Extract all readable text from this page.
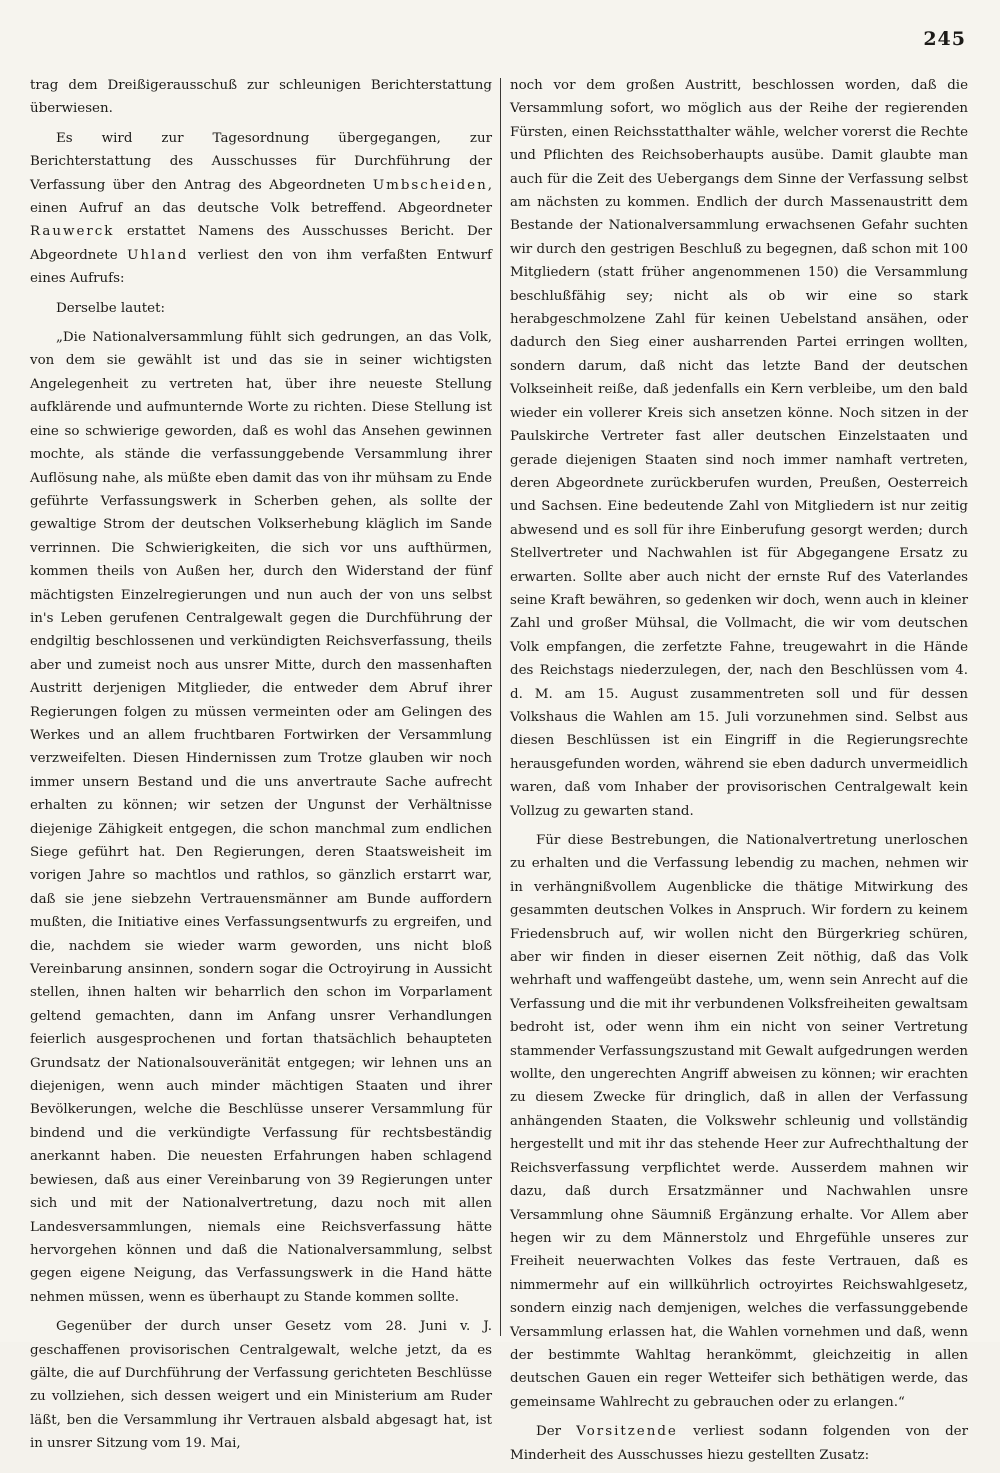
245

trag dem Dreißigerausschuß zur schleunigen Berichterstattung überwiesen.

Es wird zur Tagesordnung übergegangen, zur Berichterstattung des Ausschusses für Durchführung der Verfassung über den Antrag des Abgeordneten Umbscheiden, einen Aufruf an das deutsche Volk betreffend. Abgeordneter Rauwerck erstattet Namens des Ausschusses Bericht. Der Abgeordnete Uhland verliest den von ihm verfaßten Entwurf eines Aufrufs:

Derselbe lautet:

„Die Nationalversammlung fühlt sich gedrungen, an das Volk, von dem sie gewählt ist und das sie in seiner wichtigsten Angelegenheit zu vertreten hat, über ihre neueste Stellung aufklärende und aufmunternde Worte zu richten. Diese Stellung ist eine so schwierige geworden, daß es wohl das Ansehen gewinnen mochte, als stände die verfassunggebende Versammlung ihrer Auflösung nahe, als müßte eben damit das von ihr mühsam zu Ende geführte Verfassungswerk in Scherben gehen, als sollte der gewaltige Strom der deutschen Volkserhebung kläglich im Sande verrinnen. Die Schwierigkeiten, die sich vor uns aufthürmen, kommen theils von Außen her, durch den Widerstand der fünf mächtigsten Einzelregierungen und nun auch der von uns selbst in's Leben gerufenen Centralgewalt gegen die Durchführung der endgiltig beschlossenen und verkündigten Reichsverfassung, theils aber und zumeist noch aus unsrer Mitte, durch den massenhaften Austritt derjenigen Mitglieder, die entweder dem Abruf ihrer Regierungen folgen zu müssen vermeinten oder am Gelingen des Werkes und an allem fruchtbaren Fortwirken der Versammlung verzweifelten. Diesen Hindernissen zum Trotze glauben wir noch immer unsern Bestand und die uns anvertraute Sache aufrecht erhalten zu können; wir setzen der Ungunst der Verhältnisse diejenige Zähigkeit entgegen, die schon manchmal zum endlichen Siege geführt hat. Den Regierungen, deren Staatsweisheit im vorigen Jahre so machtlos und rathlos, so gänzlich erstarrt war, daß sie jene siebzehn Vertrauensmänner am Bunde auffordern mußten, die Initiative eines Verfassungsentwurfs zu ergreifen, und die, nachdem sie wieder warm geworden, uns nicht bloß Vereinbarung ansinnen, sondern sogar die Octroyirung in Aussicht stellen, ihnen halten wir beharrlich den schon im Vorparlament geltend gemachten, dann im Anfang unsrer Verhandlungen feierlich ausgesprochenen und fortan thatsächlich behaupteten Grundsatz der Nationalsouveränität entgegen; wir lehnen uns an diejenigen, wenn auch minder mächtigen Staaten und ihrer Bevölkerungen, welche die Beschlüsse unserer Versammlung für bindend und die verkündigte Verfassung für rechtsbeständig anerkannt haben. Die neuesten Erfahrungen haben schlagend bewiesen, daß aus einer Vereinbarung von 39 Regierungen unter sich und mit der Nationalvertretung, dazu noch mit allen Landesversammlungen, niemals eine Reichsverfassung hätte hervorgehen können und daß die Nationalversammlung, selbst gegen eigene Neigung, das Verfassungswerk in die Hand hätte nehmen müssen, wenn es überhaupt zu Stande kommen sollte.

Gegenüber der durch unser Gesetz vom 28. Juni v. J. geschaffenen provisorischen Centralgewalt, welche jetzt, da es gälte, die auf Durchführung der Verfassung gerichteten Beschlüsse zu vollziehen, sich dessen weigert und ein Ministerium am Ruder läßt, ben die Versammlung ihr Vertrauen alsbald abgesagt hat, ist in unsrer Sitzung vom 19. Mai,

noch vor dem großen Austritt, beschlossen worden, daß die Versammlung sofort, wo möglich aus der Reihe der regierenden Fürsten, einen Reichsstatthalter wähle, welcher vorerst die Rechte und Pflichten des Reichsoberhaupts ausübe. Damit glaubte man auch für die Zeit des Uebergangs dem Sinne der Verfassung selbst am nächsten zu kommen. Endlich der durch Massenaustritt dem Bestande der Nationalversammlung erwachsenen Gefahr suchten wir durch den gestrigen Beschluß zu begegnen, daß schon mit 100 Mitgliedern (statt früher angenommenen 150) die Versammlung beschlußfähig sey; nicht als ob wir eine so stark herabgeschmolzene Zahl für keinen Uebelstand ansähen, oder dadurch den Sieg einer ausharrenden Partei erringen wollten, sondern darum, daß nicht das letzte Band der deutschen Volkseinheit reiße, daß jedenfalls ein Kern verbleibe, um den bald wieder ein vollerer Kreis sich ansetzen könne. Noch sitzen in der Paulskirche Vertreter fast aller deutschen Einzelstaaten und gerade diejenigen Staaten sind noch immer namhaft vertreten, deren Abgeordnete zurückberufen wurden, Preußen, Oesterreich und Sachsen. Eine bedeutende Zahl von Mitgliedern ist nur zeitig abwesend und es soll für ihre Einberufung gesorgt werden; durch Stellvertreter und Nachwahlen ist für Abgegangene Ersatz zu erwarten. Sollte aber auch nicht der ernste Ruf des Vaterlandes seine Kraft bewähren, so gedenken wir doch, wenn auch in kleiner Zahl und großer Mühsal, die Vollmacht, die wir vom deutschen Volk empfangen, die zerfetzte Fahne, treugewahrt in die Hände des Reichstags niederzulegen, der, nach den Beschlüssen vom 4. d. M. am 15. August zusammentreten soll und für dessen Volkshaus die Wahlen am 15. Juli vorzunehmen sind. Selbst aus diesen Beschlüssen ist ein Eingriff in die Regierungsrechte herausgefunden worden, während sie eben dadurch unvermeidlich waren, daß vom Inhaber der provisorischen Centralgewalt kein Vollzug zu gewarten stand.

Für diese Bestrebungen, die Nationalvertretung unerloschen zu erhalten und die Verfassung lebendig zu machen, nehmen wir in verhängnißvollem Augenblicke die thätige Mitwirkung des gesammten deutschen Volkes in Anspruch. Wir fordern zu keinem Friedensbruch auf, wir wollen nicht den Bürgerkrieg schüren, aber wir finden in dieser eisernen Zeit nöthig, daß das Volk wehrhaft und waffengeübt dastehe, um, wenn sein Anrecht auf die Verfassung und die mit ihr verbundenen Volksfreiheiten gewaltsam bedroht ist, oder wenn ihm ein nicht von seiner Vertretung stammender Verfassungszustand mit Gewalt aufgedrungen werden wollte, den ungerechten Angriff abweisen zu können; wir erachten zu diesem Zwecke für dringlich, daß in allen der Verfassung anhängenden Staaten, die Volkswehr schleunig und vollständig hergestellt und mit ihr das stehende Heer zur Aufrechthaltung der Reichsverfassung verpflichtet werde. Ausserdem mahnen wir dazu, daß durch Ersatzmänner und Nachwahlen unsre Versammlung ohne Säumniß Ergänzung erhalte. Vor Allem aber hegen wir zu dem Männerstolz und Ehrgefühle unseres zur Freiheit neuerwachten Volkes das feste Vertrauen, daß es nimmermehr auf ein willkührlich octroyirtes Reichswahlgesetz, sondern einzig nach demjenigen, welches die verfassunggebende Versammlung erlassen hat, die Wahlen vornehmen und daß, wenn der bestimmte Wahltag herankömmt, gleichzeitig in allen deutschen Gauen ein reger Wetteifer sich bethätigen werde, das gemeinsame Wahlrecht zu gebrauchen oder zu erlangen.“

Der Vorsitzende verliest sodann folgenden von der Minderheit des Ausschusses hiezu gestellten Zusatz:
